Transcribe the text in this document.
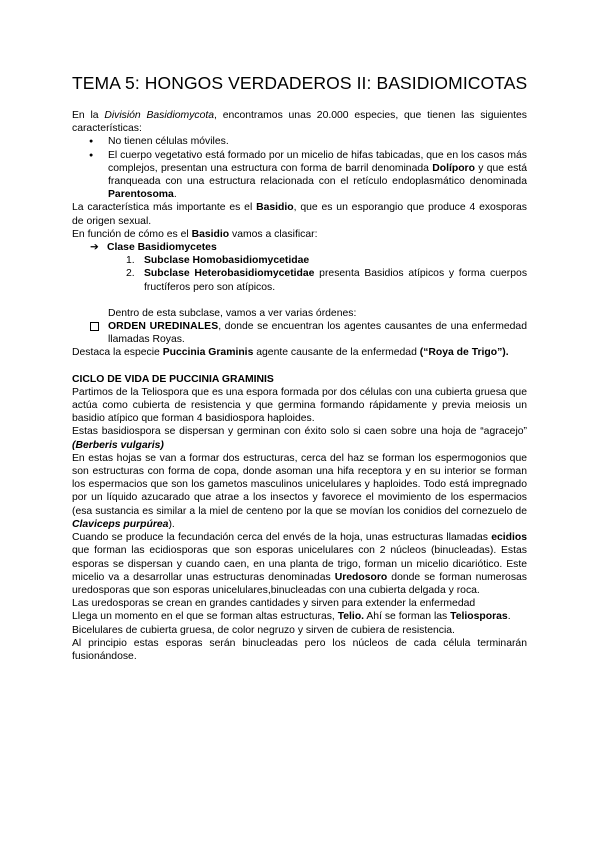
TEMA 5: HONGOS VERDADEROS II: BASIDIOMICOTAS

En la División Basidiomycota, encontramos unas 20.000 especies, que tienen las siguientes características:

● No tienen células móviles.
● El cuerpo vegetativo está formado por un micelio de hifas tabicadas, que en los casos más complejos, presentan una estructura con forma de barril denominada Dolíporo y que está franqueada con una estructura relacionada con el retículo endoplasmático denominada Parentosoma.

La característica más importante es el Basidio, que es un esporangio que produce 4 exosporas de origen sexual.

En función de cómo es el Basidio vamos a clasificar:

➔ Clase Basidiomycetes
1. Subclase Homobasidiomycetidae
2. Subclase Heterobasidiomycetidae presenta Basidios atípicos y forma cuerpos fructíferos pero son atípicos.
Dentro de esta subclase, vamos a ver varias órdenes:
ORDEN UREDINALES, donde se encuentran los agentes causantes de una enfermedad llamadas Royas.

Destaca la especie Puccinia Graminis agente causante de la enfermedad (“Roya de Trigo”).

CICLO DE VIDA DE PUCCINIA GRAMINIS

Partimos de la Teliospora que es una espora formada por dos células con una cubierta gruesa que actúa como cubierta de resistencia y que germina formando rápidamente y previa meiosis un basidio atípico que forman 4 basidiospora haploides.

Estas basidiospora se dispersan y germinan con éxito solo si caen sobre una hoja de “agracejo” (Berberis vulgaris)

En estas hojas se van a formar dos estructuras, cerca del haz se forman los espermogonios que son estructuras con forma de copa, donde asoman una hifa receptora y en su interior se forman los espermacios que son los gametos masculinos unicelulares y haploides. Todo está impregnado por un líquido azucarado que atrae a los insectos y favorece el movimiento de los espermacios (esa sustancia es similar a la miel de centeno por la que se movían los conidios del cornezuelo de Claviceps purpúrea).

Cuando se produce la fecundación cerca del envés de la hoja, unas estructuras llamadas ecidios que forman las ecidiosporas que son esporas unicelulares con 2 núcleos (binucleadas). Estas esporas se dispersan y cuando caen, en una planta de trigo, forman un micelio dicariótico. Este micelio va a desarrollar unas estructuras denominadas Uredosoro donde se forman numerosas uredosporas que son esporas unicelulares,binucleadas con una cubierta delgada y roca.

Las uredosporas se crean en grandes cantidades y sirven para extender la enfermedad

Llega un momento en el que se forman altas estructuras, Telio. Ahí se forman las Teliosporas.

Bicelulares de cubierta gruesa, de color negruzo y sirven de cubiera de resistencia.

Al principio estas esporas serán binucleadas pero los núcleos de cada célula terminarán fusionándose.
